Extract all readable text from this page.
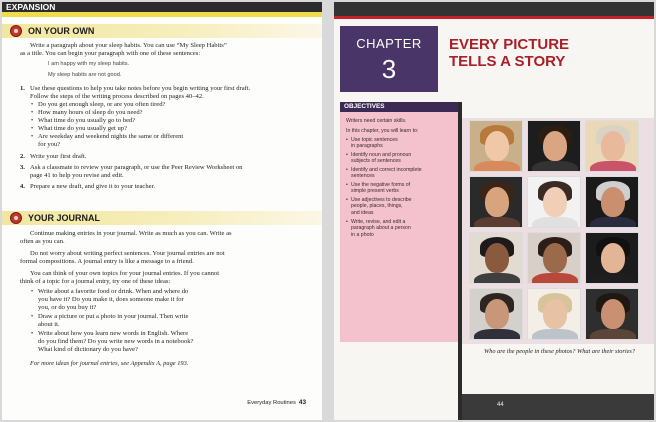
EXPANSION
ON YOUR OWN
Write a paragraph about your sleep habits. You can use “My Sleep Habits”
as a title. You can begin your paragraph with one of these sentences:
I am happy with my sleep habits.
My sleep habits are not good.
1. Use these questions to help you take notes before you begin writing your first draft.
Follow the steps of the writing process described on pages 40–42.
• Do you get enough sleep, or are you often tired?
• How many hours of sleep do you need?
• What time do you usually go to bed?
• What time do you usually get up?
• Are weekday and weekend nights the same or different
for you?
2. Write your first draft.
3. Ask a classmate to review your paragraph, or use the Peer Review Worksheet on
page 41 to help you revise and edit.
4. Prepare a new draft, and give it to your teacher.
YOUR JOURNAL
Continue making entries in your journal. Write as much as you can. Write as
often as you can.
Do not worry about writing perfect sentences. Your journal entries are not
formal compositions. A journal entry is like a message to a friend.
You can think of your own topics for your journal entries. If you cannot
think of a topic for a journal entry, try one of these ideas:
• Write about a favorite food or drink. When and where do
you have it? Do you make it, does someone make it for
you, or do you buy it?
• Draw a picture or put a photo in your journal. Then write
about it.
• Write about how you learn new words in English. Where
do you find them? Do you write new words in a notebook?
What kind of dictionary do you have?
For more ideas for journal entries, see Appendix A, page 193.
Everyday Routines 43
CHAPTER
3
EVERY PICTURE
TELLS A STORY
OBJECTIVES
Writers need certain skills.
In this chapter, you will learn to:
• Use topic sentences
in paragraphs
• Identify noun and pronoun
subjects of sentences
• Identify and correct incomplete
sentences
• Use the negative forms of
simple present verbs
• Use adjectives to describe
people, places, things,
and ideas
• Write, revise, and edit a
paragraph about a person
in a photo
Who are the people in these photos? What are their stories?
44
